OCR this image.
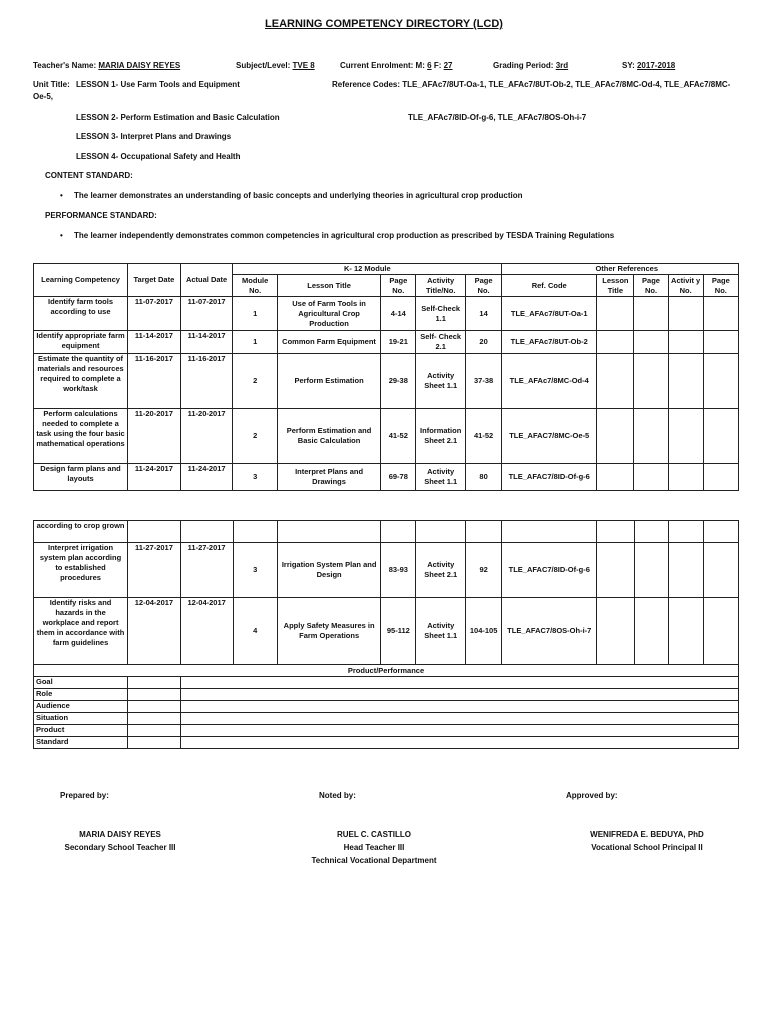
LEARNING COMPETENCY DIRECTORY (LCD)
Teacher's Name: MARIA DAISY REYES	Subject/Level: TVE 8	Current Enrolment: M: 6 F: 27	Grading Period: 3rd	SY: 2017-2018
Unit Title: LESSON 1- Use Farm Tools and Equipment	Reference Codes: TLE_AFAc7/8UT-Oa-1, TLE_AFAc7/8UT-Ob-2, TLE_AFAc7/8MC-Od-4, TLE_AFAc7/8MC-
Oe-5,
LESSON 2- Perform Estimation and Basic Calculation	TLE_AFAc7/8ID-Of-g-6, TLE_AFAc7/8OS-Oh-i-7
LESSON 3- Interpret Plans and Drawings
LESSON 4- Occupational Safety and Health
CONTENT STANDARD:
• The learner demonstrates an understanding of basic concepts and underlying theories in agricultural crop production
PERFORMANCE STANDARD:
• The learner independently demonstrates common competencies in agricultural crop production as prescribed by TESDA Training Regulations
Learning Competency	Target Date	Actual Date	K- 12 Module					Other References				
			Module No.	Lesson Title	Page No.	Activity Title/No.	Page No.	Ref. Code	Lesson Title	Page No.	Activit y No.	Page No.
Identify farm tools according to use	11-07-2017	11-07-2017	1	Use of Farm Tools in Agricultural Crop Production	4-14	Self-Check 1.1	14	TLE_AFAc7/8UT-Oa-1				
Identify appropriate farm equipment	11-14-2017	11-14-2017	1	Common Farm Equipment	19-21	Self- Check 2.1	20	TLE_AFAc7/8UT-Ob-2				
Estimate the quantity of materials and resources required to complete a work/task	11-16-2017	11-16-2017	2	Perform Estimation	29-38	Activity Sheet 1.1	37-38	TLE_AFAc7/8MC-Od-4				
Perform calculations needed to complete a task using the four basic mathematical operations	11-20-2017	11-20-2017	2	Perform Estimation and Basic Calculation	41-52	Information Sheet 2.1	41-52	TLE_AFAC7/8MC-Oe-5				
Design farm plans and layouts	11-24-2017	11-24-2017	3	Interpret Plans and Drawings	69-78	Activity Sheet 1.1	80	TLE_AFAC7/8ID-Of-g-6				
according to crop grown												
Interpret irrigation system plan according to established procedures	11-27-2017	11-27-2017	3	Irrigation System Plan and Design	83-93	Activity Sheet 2.1	92	TLE_AFAC7/8ID-Of-g-6				
Identify risks and hazards in the workplace and report them in accordance with farm guidelines	12-04-2017	12-04-2017	4	Apply Safety Measures in Farm Operations	95-112	Activity Sheet 1.1	104-105	TLE_AFAC7/8OS-Oh-i-7				
Product/Performance												
Goal												
Role												
Audience												
Situation												
Product												
Standard												
Prepared by:	Noted by:	Approved by:
MARIA DAISY REYES
Secondary School Teacher III
RUEL C. CASTILLO
Head Teacher III
Technical Vocational Department
WENIFREDA E. BEDUYA, PhD
Vocational School Principal II
